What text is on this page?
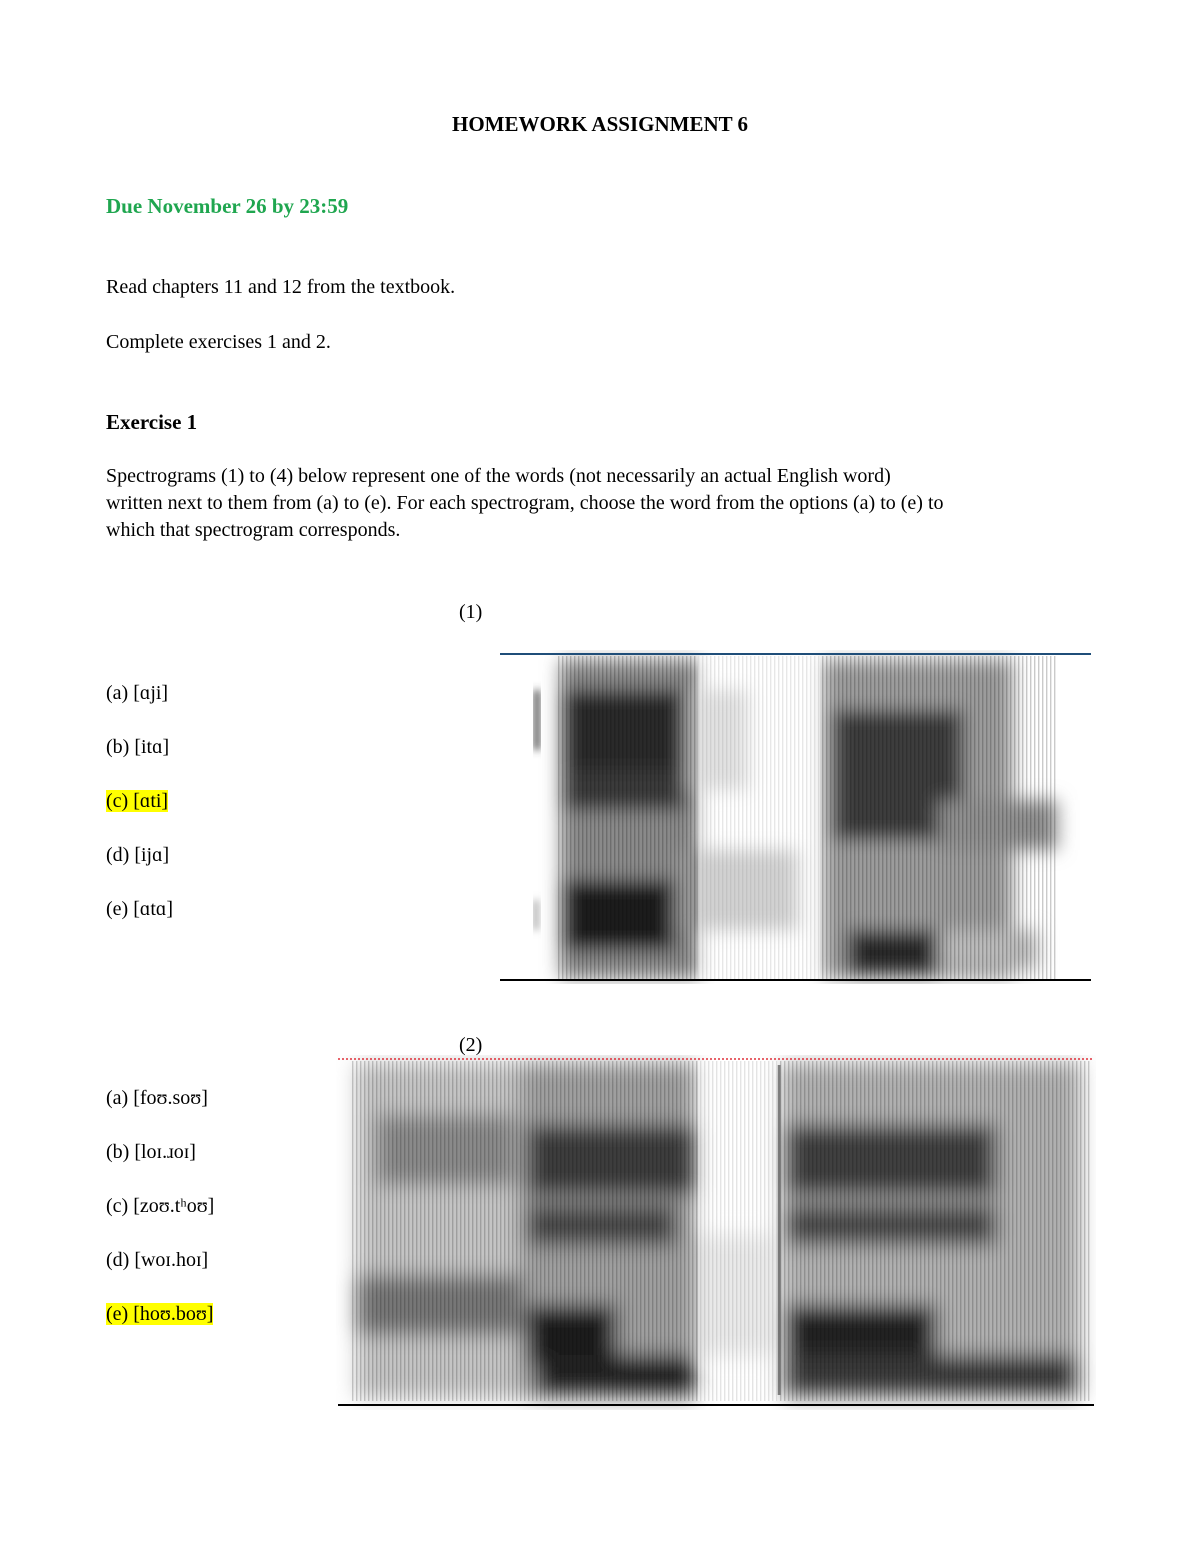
HOMEWORK ASSIGNMENT 6
Due November 26 by 23:59
Read chapters 11 and 12 from the textbook.
Complete exercises 1 and 2.
Exercise 1
Spectrograms (1) to (4) below represent one of the words (not necessarily an actual English word)
written next to them from (a) to (e). For each spectrogram, choose the word from the options (a) to (e) to
which that spectrogram corresponds.
(1)
(a) [ɑji]
(b) [itɑ]
(c) [ɑti]
(d) [ijɑ]
(e) [ɑtɑ]
(2)
(a) [foʊ.soʊ]
(b) [loɪ.ɹoɪ]
(c) [zoʊ.tʰoʊ]
(d) [woɪ.hoɪ]
(e) [hoʊ.boʊ]
